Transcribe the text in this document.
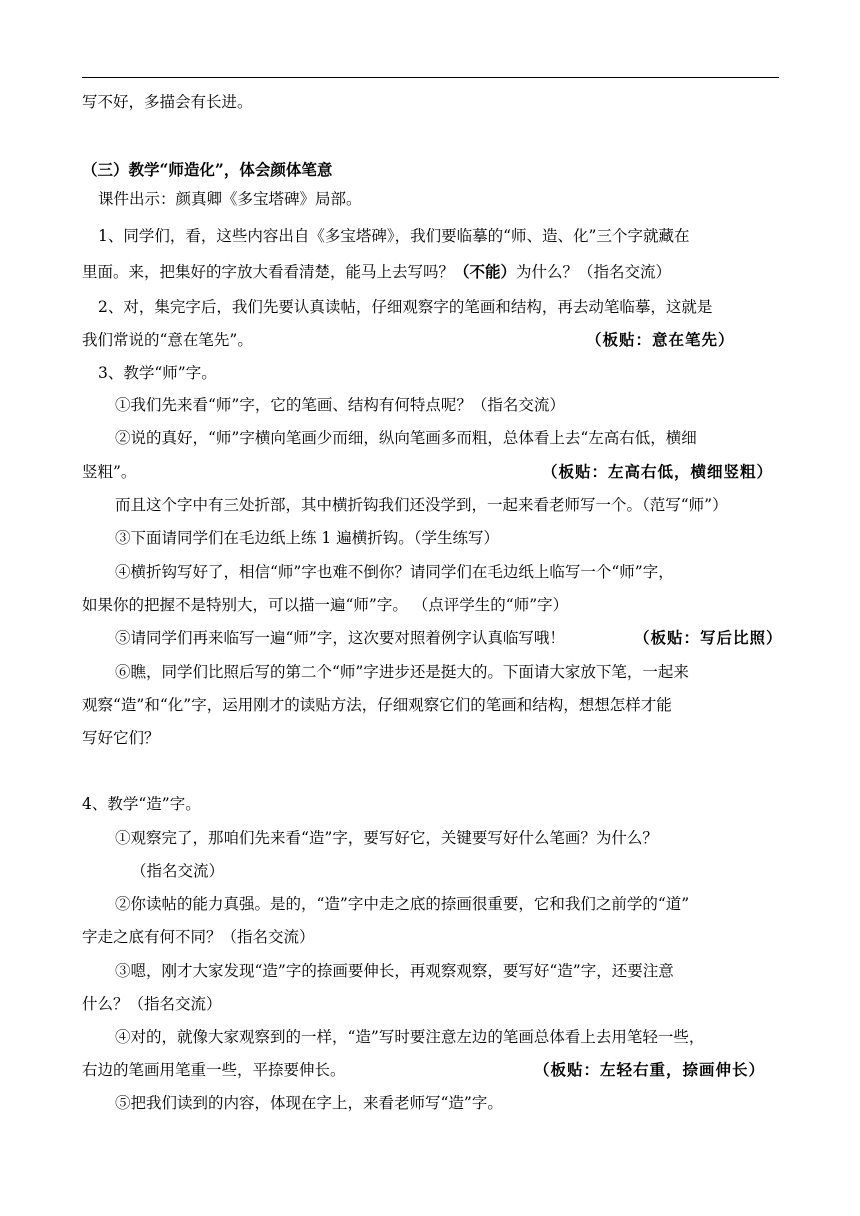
写不好，多描会有长进。
（三）教学“师造化”，体会颜体笔意
课件出示：颜真卿《多宝塔碑》局部。
1、同学们，看，这些内容出自《多宝塔碑》，我们要临摹的“师、造、化”三个字就藏在
里面。来，把集好的字放大看看清楚，能马上去写吗？（不能）为什么？（指名交流）
2、对，集完字后，我们先要认真读帖，仔细观察字的笔画和结构，再去动笔临摹，这就是
我们常说的“意在笔先”。	（板贴：意在笔先）
3、教学“师”字。
①我们先来看“师”字，它的笔画、结构有何特点呢？（指名交流）
②说的真好，“师”字横向笔画少而细，纵向笔画多而粗，总体看上去“左高右低，横细
竖粗”。	（板贴：左高右低，横细竖粗）
而且这个字中有三处折部，其中横折钩我们还没学到，一起来看老师写一个。（范写“师”）
③下面请同学们在毛边纸上练 1 遍横折钩。（学生练写）
④横折钩写好了，相信“师”字也难不倒你？请同学们在毛边纸上临写一个“师”字，
如果你的把握不是特别大，可以描一遍“师”字。 （点评学生的“师”字）
⑤请同学们再来临写一遍“师”字，这次要对照着例字认真临写哦！	（板贴：写后比照）
⑥瞧，同学们比照后写的第二个“师”字进步还是挺大的。下面请大家放下笔，一起来
观察“造”和“化”字，运用刚才的读贴方法，仔细观察它们的笔画和结构，想想怎样才能
写好它们？
4、教学“造”字。
①观察完了，那咱们先来看“造”字，要写好它，关键要写好什么笔画？为什么？
（指名交流）
②你读帖的能力真强。是的，“造”字中走之底的捺画很重要，它和我们之前学的“道”
字走之底有何不同？（指名交流）
③嗯，刚才大家发现“造”字的捺画要伸长，再观察观察，要写好“造”字，还要注意
什么？（指名交流）
④对的，就像大家观察到的一样，“造”写时要注意左边的笔画总体看上去用笔轻一些，
右边的笔画用笔重一些，平捺要伸长。	（板贴：左轻右重，捺画伸长）
⑤把我们读到的内容，体现在字上，来看老师写“造”字。
